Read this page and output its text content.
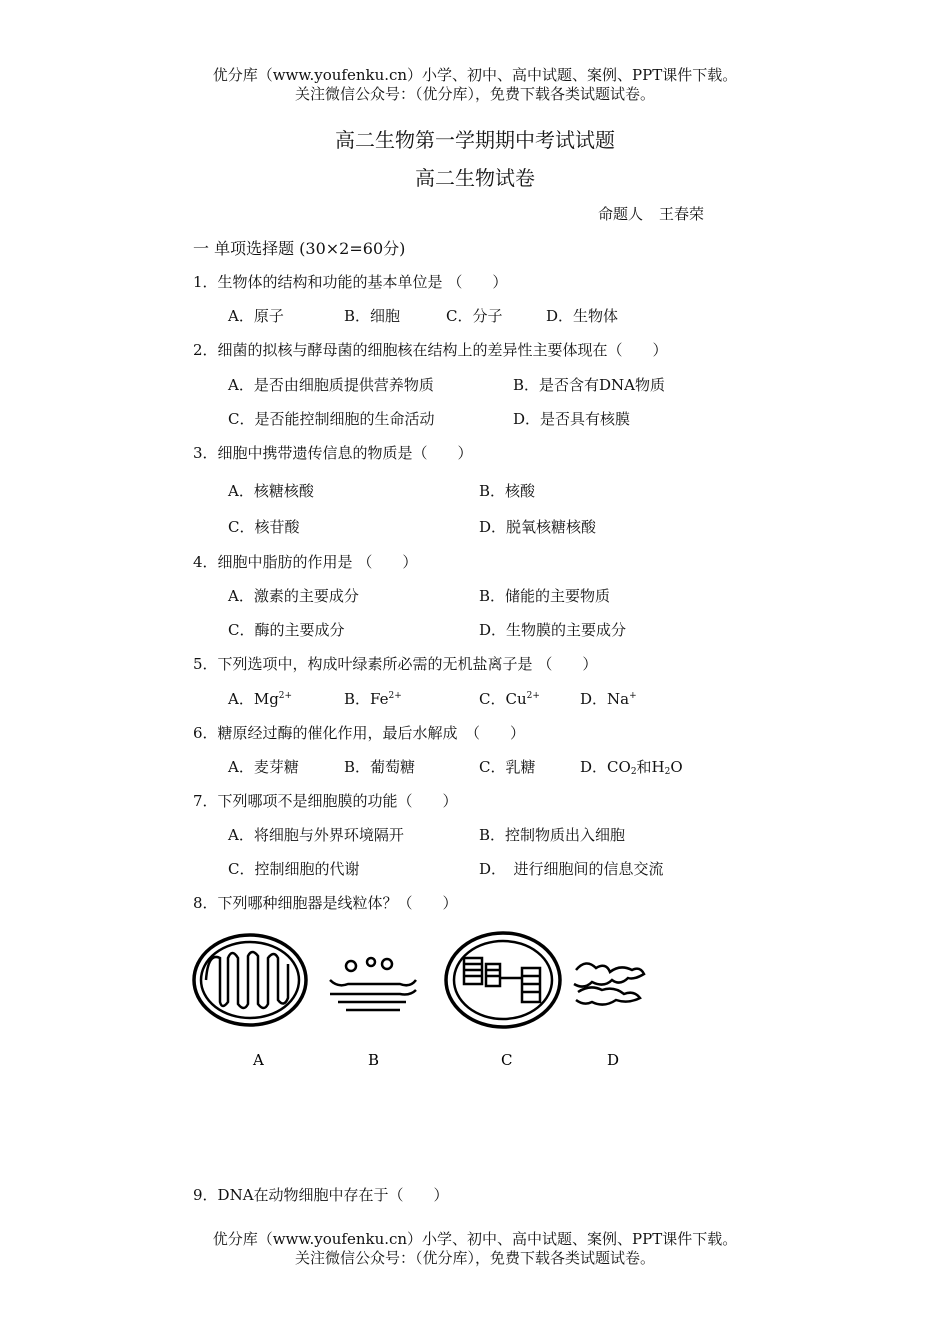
优分库（www.youfenku.cn）小学、初中、高中试题、案例、PPT课件下载。
关注微信公众号：（优分库），免费下载各类试题试卷。
高二生物第一学期期中考试试题
高二生物试卷
命题人 王春荣
一 单项选择题 (30×2=60分)
1．生物体的结构和功能的基本单位是 （　　）
A．原子	B．细胞	C．分子	D．生物体
2．细菌的拟核与酵母菌的细胞核在结构上的差异性主要体现在（　　）
A．是否由细胞质提供营养物质	B．是否含有DNA物质
C．是否能控制细胞的生命活动	D．是否具有核膜
3．细胞中携带遗传信息的物质是（　　）
A．核糖核酸	B．核酸
C．核苷酸	D．脱氧核糖核酸
4．细胞中脂肪的作用是 （　　）
A．激素的主要成分	B．储能的主要物质
C．酶的主要成分	D．生物膜的主要成分
5．下列选项中，构成叶绿素所必需的无机盐离子是 （　　）
A．$Mg^{2+}$	B．$Fe^{2+}$	C．$Cu^{2+}$	D．Na+
6．糖原经过酶的催化作用，最后水解成　（　　）
A．麦芽糖	B．葡萄糖	C．乳糖	D．$CO_2$和$H_2O$
7．下列哪项不是细胞膜的功能（　　）
A．将细胞与外界环境隔开	B．控制物质出入细胞
C．控制细胞的代谢	D．　进行细胞间的信息交流
8．下列哪种细胞器是线粒体？（　　）
A	B	C	D
9．DNA在动物细胞中存在于（　　）
优分库（www.youfenku.cn）小学、初中、高中试题、案例、PPT课件下载。
关注微信公众号：（优分库），免费下载各类试题试卷。
